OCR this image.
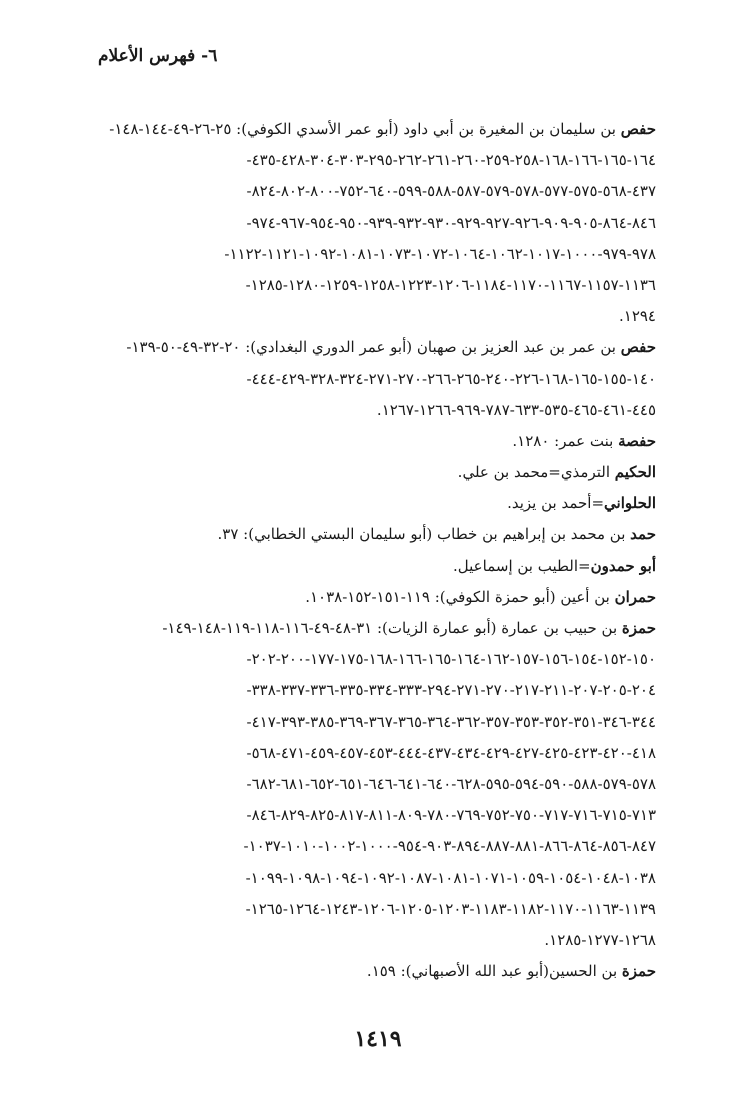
٦- فهرس الأعلام
حفص بن سليمان بن المغيرة بن أبي داود (أبو عمر الأسدي الكوفي): ٢٥-٢٦-٤٩-١٤٤-١٤٨-
١٦٤-١٦٥-١٦٦-١٦٨-٢٥٨-٢٥٩-٢٦٠-٢٦١-٢٦٢-٢٩٥-٣٠٣-٣٠٤-٤٢٨-٤٣٥-
٤٣٧-٥٦٨-٥٧٥-٥٧٧-٥٧٨-٥٧٩-٥٨٧-٥٨٨-٥٩٩-٦٤٠-٧٥٢-٨٠٠-٨٠٢-٨٢٤-
٨٤٦-٨٦٤-٩٠٥-٩٠٩-٩٢٦-٩٢٧-٩٢٩-٩٣٠-٩٣٢-٩٣٩-٩٥٠-٩٥٤-٩٦٧-٩٧٤-
٩٧٨-٩٧٩-١٠٠٠-١٠١٧-١٠٦٢-١٠٦٤-١٠٧٢-١٠٧٣-١٠٨١-١٠٩٢-١١٢١-١١٢٢-
١١٣٦-١١٥٧-١١٦٧-١١٧٠-١١٨٤-١٢٠٦-١٢٢٣-١٢٥٨-١٢٥٩-١٢٨٠-١٢٨٥-
١٢٩٤.
حفص بن عمر بن عبد العزيز بن صهبان (أبو عمر الدوري البغدادي): ٢٠-٣٢-٤٩-٥٠-١٣٩-
١٤٠-١٥٥-١٦٥-١٦٨-٢٢٦-٢٤٠-٢٦٥-٢٦٦-٢٧٠-٢٧١-٣٢٤-٣٢٨-٤٢٩-٤٤٤-
٤٤٥-٤٦١-٤٦٥-٥٣٥-٦٣٣-٧٨٧-٩٦٩-١٢٦٦-١٢٦٧.
حفصة بنت عمر: ١٢٨٠.
الحكيم الترمذي=محمد بن علي.
الحلواني=أحمد بن يزيد.
حمد بن محمد بن إبراهيم بن خطاب (أبو سليمان البستي الخطابي): ٣٧.
أبو حمدون=الطيب بن إسماعيل.
حمران بن أعين (أبو حمزة الكوفي): ١١٩-١٥١-١٥٢-١٠٣٨.
حمزة بن حبيب بن عمارة (أبو عمارة الزيات): ٣١-٤٨-٤٩-١١٦-١١٨-١١٩-١٤٨-١٤٩-
١٥٠-١٥٢-١٥٤-١٥٦-١٥٧-١٦٢-١٦٤-١٦٥-١٦٦-١٦٨-١٧٥-١٧٧-٢٠٠-٢٠٢-
٢٠٤-٢٠٥-٢٠٧-٢١١-٢١٧-٢٧٠-٢٧١-٢٩٤-٣٣٣-٣٣٤-٣٣٥-٣٣٦-٣٣٧-٣٣٨-
٣٤٤-٣٤٦-٣٥١-٣٥٢-٣٥٣-٣٥٧-٣٦٢-٣٦٤-٣٦٥-٣٦٧-٣٦٩-٣٨٥-٣٩٣-٤١٧-
٤١٨-٤٢٠-٤٢٣-٤٢٥-٤٢٧-٤٢٩-٤٣٤-٤٣٧-٤٤٤-٤٥٣-٤٥٧-٤٥٩-٤٧١-٥٦٨-
٥٧٨-٥٧٩-٥٨٨-٥٩٠-٥٩٤-٥٩٥-٦٢٨-٦٤٠-٦٤١-٦٤٦-٦٥١-٦٥٢-٦٨١-٦٨٢-
٧١٣-٧١٥-٧١٦-٧١٧-٧٥٠-٧٥٢-٧٦٩-٧٨٠-٨٠٩-٨١١-٨١٧-٨٢٥-٨٢٩-٨٤٦-
٨٤٧-٨٥٦-٨٦٤-٨٦٦-٨٨١-٨٨٧-٨٩٤-٩٠٣-٩٥٤-١٠٠٠-١٠٠٢-١٠١٠-١٠٣٧-
١٠٣٨-١٠٤٨-١٠٥٤-١٠٥٩-١٠٧١-١٠٨١-١٠٨٧-١٠٩٢-١٠٩٤-١٠٩٨-١٠٩٩-
١١٣٩-١١٦٣-١١٧٠-١١٨٢-١١٨٣-١٢٠٣-١٢٠٥-١٢٠٦-١٢٤٣-١٢٦٤-١٢٦٥-
١٢٦٨-١٢٧٧-١٢٨٥.
حمزة بن الحسين(أبو عبد الله الأصبهاني): ١٥٩.
١٤١٩
